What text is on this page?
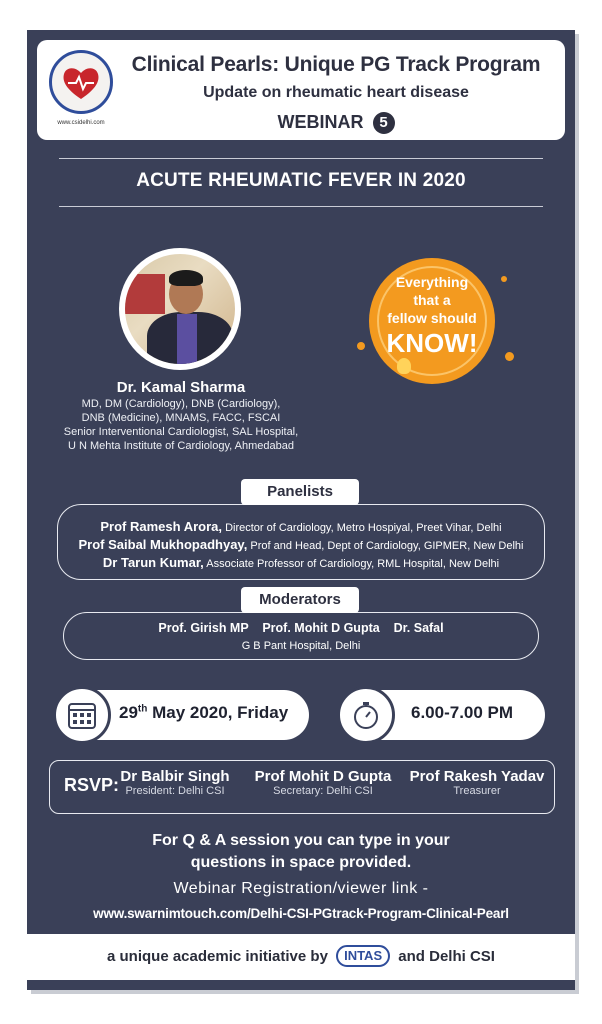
www.csidelhi.com
Clinical Pearls: Unique PG Track Program
Update on rheumatic heart disease
WEBINAR 5
ACUTE RHEUMATIC FEVER IN 2020
Everything
that a
fellow should
KNOW!
Dr. Kamal Sharma
MD, DM (Cardiology), DNB (Cardiology),
DNB (Medicine), MNAMS, FACC, FSCAI
Senior Interventional Cardiologist, SAL Hospital,
U N Mehta Institute of Cardiology, Ahmedabad
Prof Ramesh Arora, Director of Cardiology, Metro Hospiyal, Preet Vihar, Delhi
Prof Saibal Mukhopadhyay, Prof and Head, Dept of Cardiology, GIPMER, New Delhi
Dr Tarun Kumar, Associate Professor of Cardiology, RML Hospital, New Delhi
Panelists
Prof. Girish MP    Prof. Mohit D Gupta    Dr. Safal
G B Pant Hospital, Delhi
Moderators
29th May 2020, Friday	6.00-7.00 PM
RSVP: Dr Balbir Singh
President: Delhi CSI
Prof Mohit D Gupta
Secretary: Delhi CSI
Prof Rakesh Yadav
Treasurer
For Q & A session you can type in your
questions in space provided.
Webinar Registration/viewer link -
www.swarnimtouch.com/Delhi-CSI-PGtrack-Program-Clinical-Pearl
a unique academic initiative by INTAS and Delhi CSI
